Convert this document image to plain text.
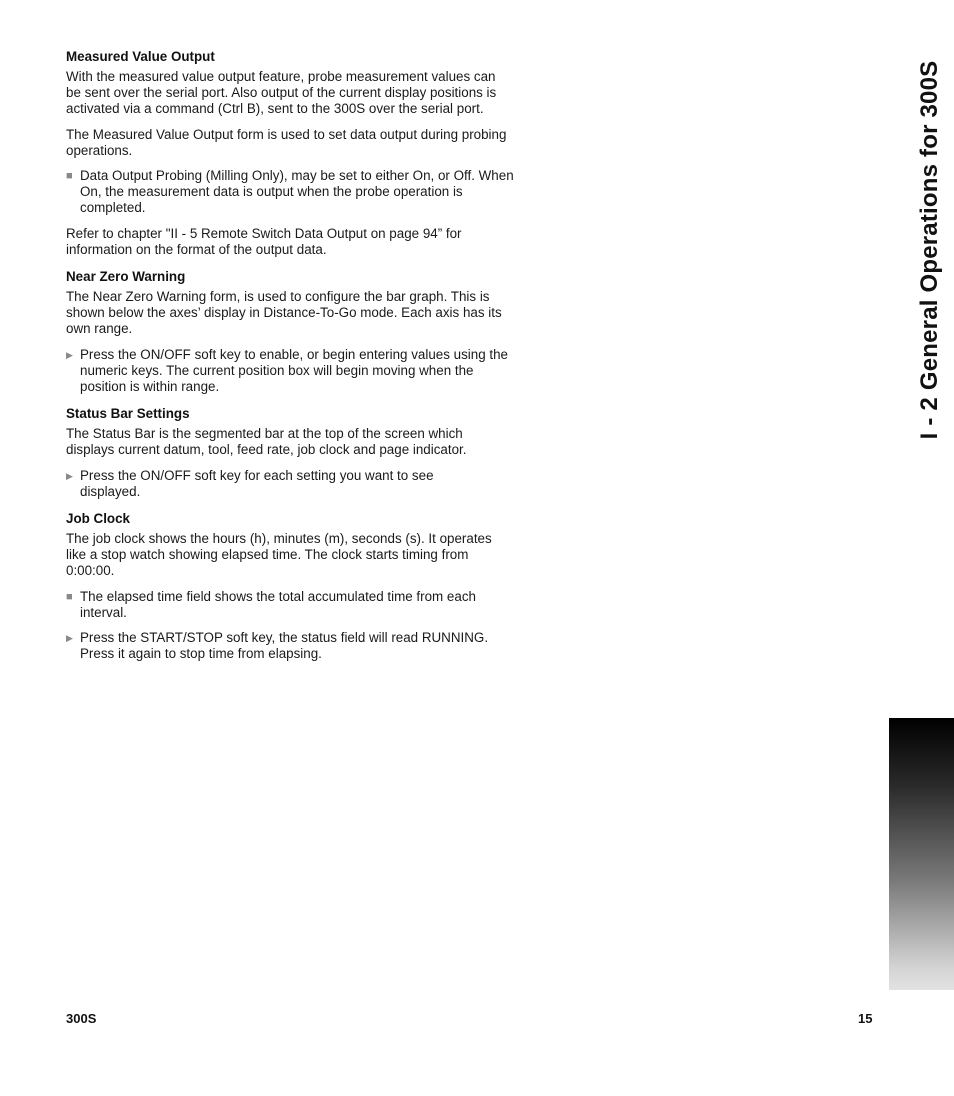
Measured Value Output
With the measured value output feature, probe measurement values can be sent over the serial port. Also output of the current display positions is activated via a command (Ctrl B), sent to the 300S over the serial port.
The Measured Value Output form is used to set data output during probing operations.
■ Data Output Probing (Milling Only), may be set to either On, or Off. When On, the measurement data is output when the probe operation is completed.
Refer to chapter "II - 5 Remote Switch Data Output on page 94” for information on the format of the output data.
Near Zero Warning
The Near Zero Warning form, is used to configure the bar graph. This is shown below the axes’ display in Distance-To-Go mode. Each axis has its own range.
▶ Press the ON/OFF soft key to enable, or begin entering values using the numeric keys. The current position box will begin moving when the position is within range.
Status Bar Settings
The Status Bar is the segmented bar at the top of the screen which displays current datum, tool, feed rate, job clock and page indicator.
▶ Press the ON/OFF soft key for each setting you want to see displayed.
Job Clock
The job clock shows the hours (h), minutes (m), seconds (s). It operates like a stop watch showing elapsed time. The clock starts timing from 0:00:00.
■ The elapsed time field shows the total accumulated time from each interval.
▶ Press the START/STOP soft key, the status field will read RUNNING. Press it again to stop time from elapsing.
I - 2 General Operations for 300S
300S	15
